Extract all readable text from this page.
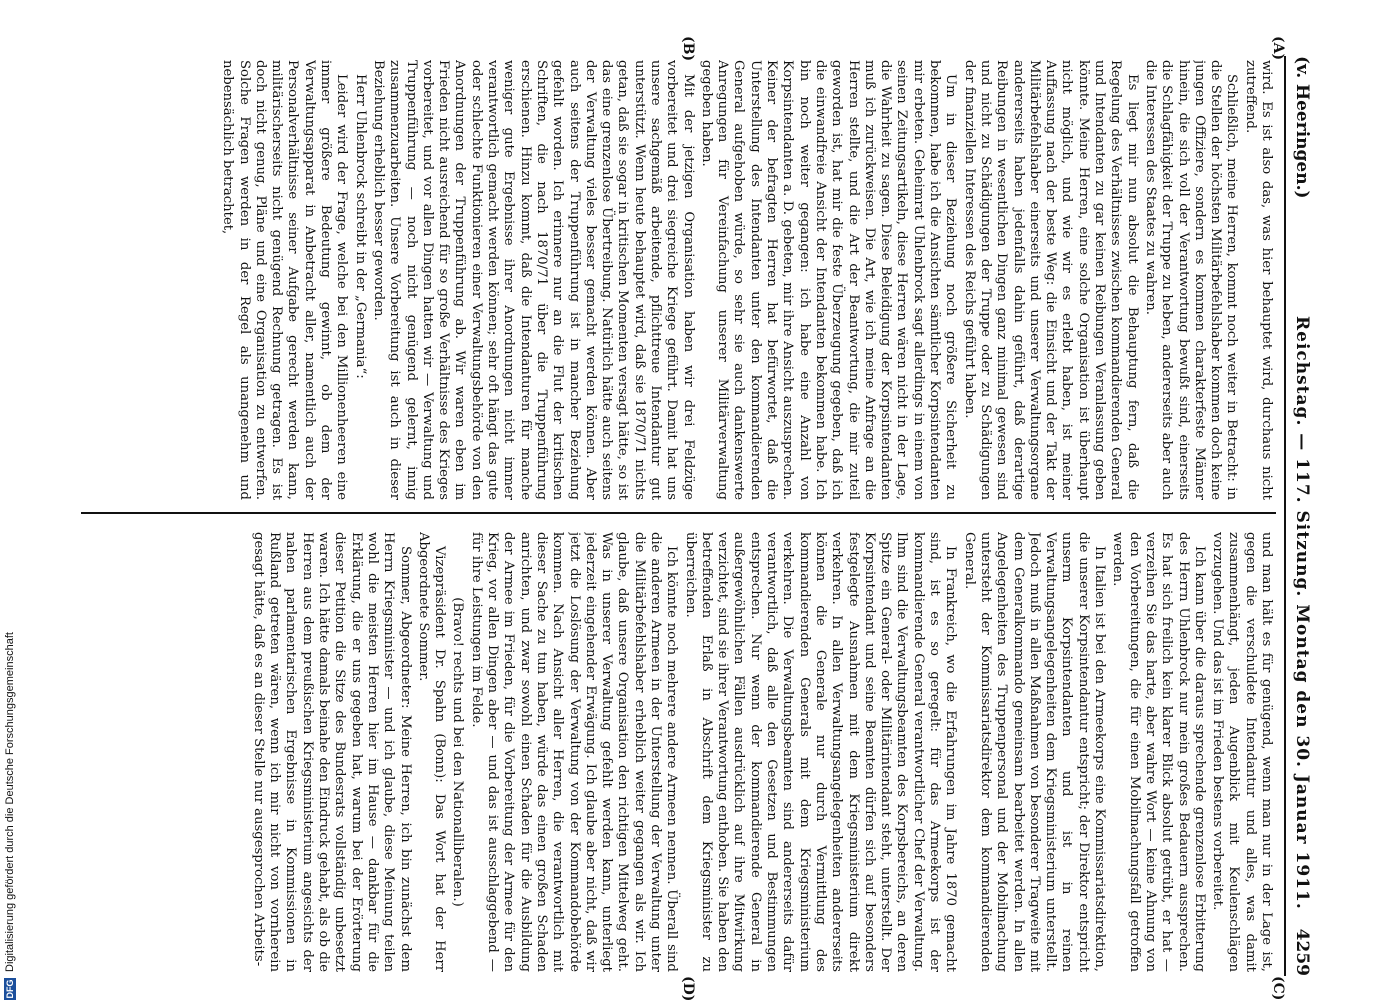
(v. Heeringen.)
Reichstag. — 117. Sitzung. Montag den 30. Januar 1911.
4259
(A)
(B)
(C)
(D)

wird. Es ist also das, was hier behauptet wird, durchaus nicht zutreffend.

Schließlich, meine Herren, kommt noch weiter in Betracht: in die Stellen der höchsten Militärbefehlshaber kommen doch keine jungen Offiziere, sondern es kommen charakterfeste Männer hinein, die sich voll der Verantwortung bewußt sind, einerseits die Schlagfähigkeit der Truppe zu heben, andererseits aber auch die Interessen des Staates zu wahren.

Es liegt mir nun absolut die Behauptung fern, daß die Regelung des Verhältnisses zwischen kommandierenden General und Intendanten zu gar keinen Reibungen Veranlassung geben könnte. Meine Herren, eine solche Organisation ist überhaupt nicht möglich, und wie wir es erlebt haben, ist meiner Auffassung nach der beste Weg: die Einsicht und der Takt der Militärbefehlshaber einerseits und unserer Verwaltungsorgane andererseits haben jedenfalls dahin geführt, daß derartige Reibungen in wesentlichen Dingen ganz minimal gewesen sind und nicht zu Schädigungen der Truppe oder zu Schädigungen der finanziellen Interessen des Reichs geführt haben.

Um in dieser Beziehung noch größere Sicherheit zu bekommen, habe ich die Ansichten sämtlicher Korpsintendanten mir erbeten. Geheimrat Uhlenbrock sagt allerdings in einem von seinen Zeitungsartikeln, diese Herren wären nicht in der Lage, die Wahrheit zu sagen. Diese Beleidigung der Korpsintendanten muß ich zurückweisen. Die Art, wie ich meine Anfrage an die Herren stellte, und die Art der Beantwortung, die mir zuteil geworden ist, hat mir die feste Überzeugung gegeben, daß ich die einwandfreie Ansicht der Intendanten bekommen habe. Ich bin noch weiter gegangen: ich habe eine Anzahl von Korpsintendanten a. D. gebeten, mir ihre Ansicht auszusprechen. Keiner der befragten Herren hat befürwortet, daß die Unterstellung des Intendanten unter den kommandierenden General aufgehoben würde, so sehr sie auch dankenswerte Anregungen für Vereinfachung unserer Militärverwaltung gegeben haben.

Mit der jetzigen Organisation haben wir drei Feldzüge vorbereitet und drei siegreiche Kriege geführt. Damit hat uns unsere sachgemäß arbeitende, pflichttreue Intendantur gut unterstützt. Wenn heute behauptet wird, daß sie 1870/71 nichts getan, daß sie sogar in kritischen Momenten versagt hätte, so ist das eine grenzenlose Übertreibung. Natürlich hätte auch seitens der Verwaltung vieles besser gemacht werden können. Aber auch seitens der Truppenführung ist in mancher Beziehung gefehlt worden. Ich erinnere nur an die Flut der kritischen Schriften, die nach 1870/71 über die Truppenführung erschienen. Hinzu kommt, daß die Intendanturen für manche weniger gute Ergebnisse ihrer Anordnungen nicht immer verantwortlich gemacht werden können; sehr oft hängt das gute oder schlechte Funktionieren einer Verwaltungsbehörde von den Anordnungen der Truppenführung ab. Wir waren eben im Frieden nicht ausreichend für so große Verhältnisse des Krieges vorbereitet, und vor allen Dingen hatten wir — Verwaltung und Truppenführung — noch nicht genügend gelernt, innig zusammenzuarbeiten. Unsere Vorbereitung ist auch in dieser Beziehung erheblich besser geworden.

Herr Uhlenbrock schreibt in der „Germania“:

Leider wird der Frage, welche bei den Millionenheeren eine immer größere Bedeutung gewinnt, ob dem der Verwaltungsapparat in Anbetracht aller, namentlich auch der Personalverhältnisse seiner Aufgabe gerecht werden kann, militärischerseits nicht genügend Rechnung getragen. Es ist doch nicht genug, Pläne und eine Organisation zu entwerfen. Solche Fragen werden in der Regel als unangenehm und nebensächlich betrachtet,

und man hält es für genügend, wenn man nur in der Lage ist, gegen die verschuldete Intendantur und alles, was damit zusammenhängt, jeden Augenblick mit Keulenschlägen vorzugehen. Und das ist im Frieden bestens vorbereitet.

Ich kann über die daraus sprechende grenzenlose Erbitterung des Herrn Uhlenbrock nur mein großes Bedauern aussprechen. Es hat sich freilich kein klarer Blick absolut getrübt, er hat — verzeihen Sie das harte, aber wahre Wort — keine Ahnung von den Vorbereitungen, die für einen Mobilmachungsfall getroffen werden.

In Italien ist bei den Armeekorps eine Kommissariatsdirektion, die unserer Korpsintendantur entspricht; der Direktor entspricht unserm Korpsintendanten und ist in reinen Verwaltungsangelegenheiten dem Kriegsministerium unterstellt. Jedoch muß in allen Maßnahmen von besonderer Tragweite mit dem Generalkommando gemeinsam bearbeitet werden. In allen Angelegenheiten des Truppenpersonal und der Mobilmachung untersteht der Kommissariatsdirektor dem kommandierenden General.

In Frankreich, wo die Erfahrungen im Jahre 1870 gemacht sind, ist es so geregelt: für das Armeekorps ist der kommandierende General verantwortlicher Chef der Verwaltung. Ihm sind die Verwaltungsbeamten des Korpsbereichs, an deren Spitze ein General- oder Militärintendant steht, unterstellt. Der Korpsintendant und seine Beamten dürfen sich auf besonders festgelegte Ausnahmen mit dem Kriegsministerium direkt verkehren. In allen Verwaltungsangelegenheiten andererseits können die Generale nur durch Vermittlung des kommandierenden Generals mit dem Kriegsministerium verkehren. Die Verwaltungsbeamten sind andererseits dafür verantwortlich, daß alle den Gesetzen und Bestimmungen entsprechen. Nur wenn der kommandierende General in außergewöhnlichen Fällen ausdrücklich auf ihre Mitwirkung verzichtet, sind sie ihrer Verantwortung enthoben. Sie haben den betreffenden Erlaß in Abschrift dem Kriegsminister zu überreichen.

Ich könnte noch mehrere andere Armeen nennen. Überall sind die anderen Armeen in der Unterstellung der Verwaltung unter die Militärbefehlshaber erheblich weiter gegangen als wir. Ich glaube, daß unsere Organisation den richtigen Mittelweg geht. Was in unserer Verwaltung gefehlt werden kann, unterliegt jederzeit eingehender Erwägung. Ich glaube aber nicht, daß wir jetzt die Loslösung der Verwaltung von der Kommandobehörde kommen. Nach Ansicht aller Herren, die verantwortlich mit dieser Sache zu tun haben, würde das einen großen Schaden anrichten, und zwar sowohl einen Schaden für die Ausbildung der Armee im Frieden, für die Vorbereitung der Armee für den Krieg, vor allen Dingen aber — und das ist ausschlaggebend — für ihre Leistungen im Felde.

(Bravo! rechts und bei den Nationalliberalen.)

Vizepräsident Dr. Spahn (Bonn): Das Wort hat der Herr Abgeordnete Sommer.

Sommer, Abgeordneter: Meine Herren, ich bin zunächst dem Herrn Kriegsminister — und ich glaube, diese Meinung teilen wohl die meisten Herren hier im Hause — dankbar für die Erklärung, die er uns gegeben hat, warum bei der Erörterung dieser Petition die Sitze des Bundesrats vollständig unbesetzt waren. Ich hätte damals beinahe den Eindruck gehabt, als ob die Herren aus dem preußischen Kriegsministerium angesichts der nahen parlamentarischen Ergebnisse in Kommissionen in Rußland getreten wären, wenn ich mir nicht von vornherein gesagt hätte, daß es an dieser Stelle nur ausgesprochen Arbeits-

DFGDigitalisierung gefördert durch die Deutsche Forschungsgemeinschaft
